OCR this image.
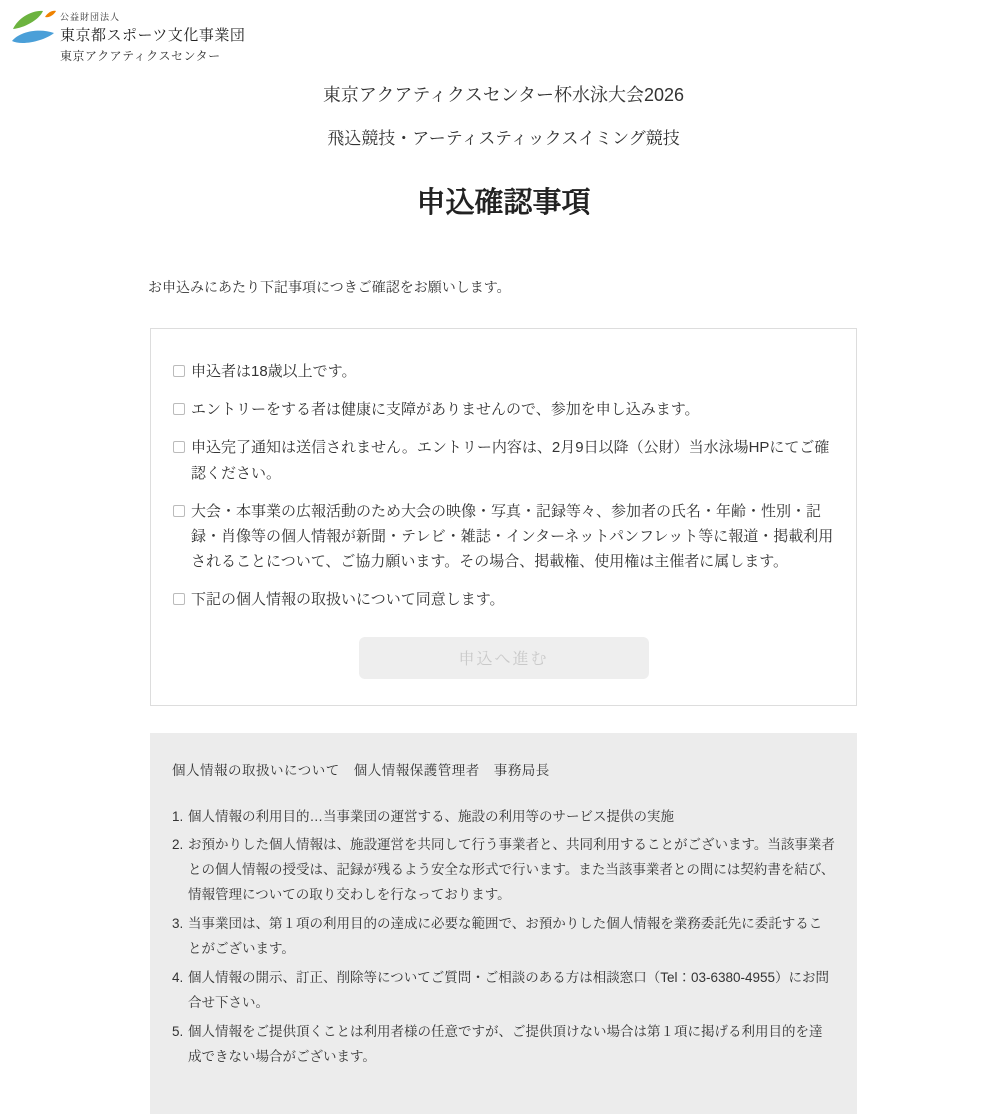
公益財団法人
東京都スポーツ文化事業団
東京アクアティクスセンター
東京アクアティクスセンター杯水泳大会2026
飛込競技・アーティスティックスイミング競技
申込確認事項

お申込みにあたり下記事項につきご確認をお願いします。

申込者は18歳以上です。
エントリーをする者は健康に支障がありませんので、参加を申し込みます。
申込完了通知は送信されません。エントリー内容は、2月9日以降（公財）当水泳場HPにてご確認ください。
大会・本事業の広報活動のため大会の映像・写真・記録等々、参加者の氏名・年齢・性別・記録・肖像等の個人情報が新聞・テレビ・雑誌・インターネットパンフレット等に報道・掲載利用されることについて、ご協力願います。その場合、掲載権、使用権は主催者に属します。
下記の個人情報の取扱いについて同意します。
申込へ進む
個人情報の取扱いについて　個人情報保護管理者　事務局長
1. 個人情報の利用目的…当事業団の運営する、施設の利用等のサービス提供の実施
2. お預かりした個人情報は、施設運営を共同して行う事業者と、共同利用することがございます。当該事業者との個人情報の授受は、記録が残るよう安全な形式で行います。また当該事業者との間には契約書を結び、情報管理についての取り交わしを行なっております。
3. 当事業団は、第１項の利用目的の達成に必要な範囲で、お預かりした個人情報を業務委託先に委託することがございます。
4. 個人情報の開示、訂正、削除等についてご質問・ご相談のある方は相談窓口（Tel：03-6380-4955）にお問合せ下さい。
5. 個人情報をご提供頂くことは利用者様の任意ですが、ご提供頂けない場合は第１項に掲げる利用目的を達成できない場合がございます。
